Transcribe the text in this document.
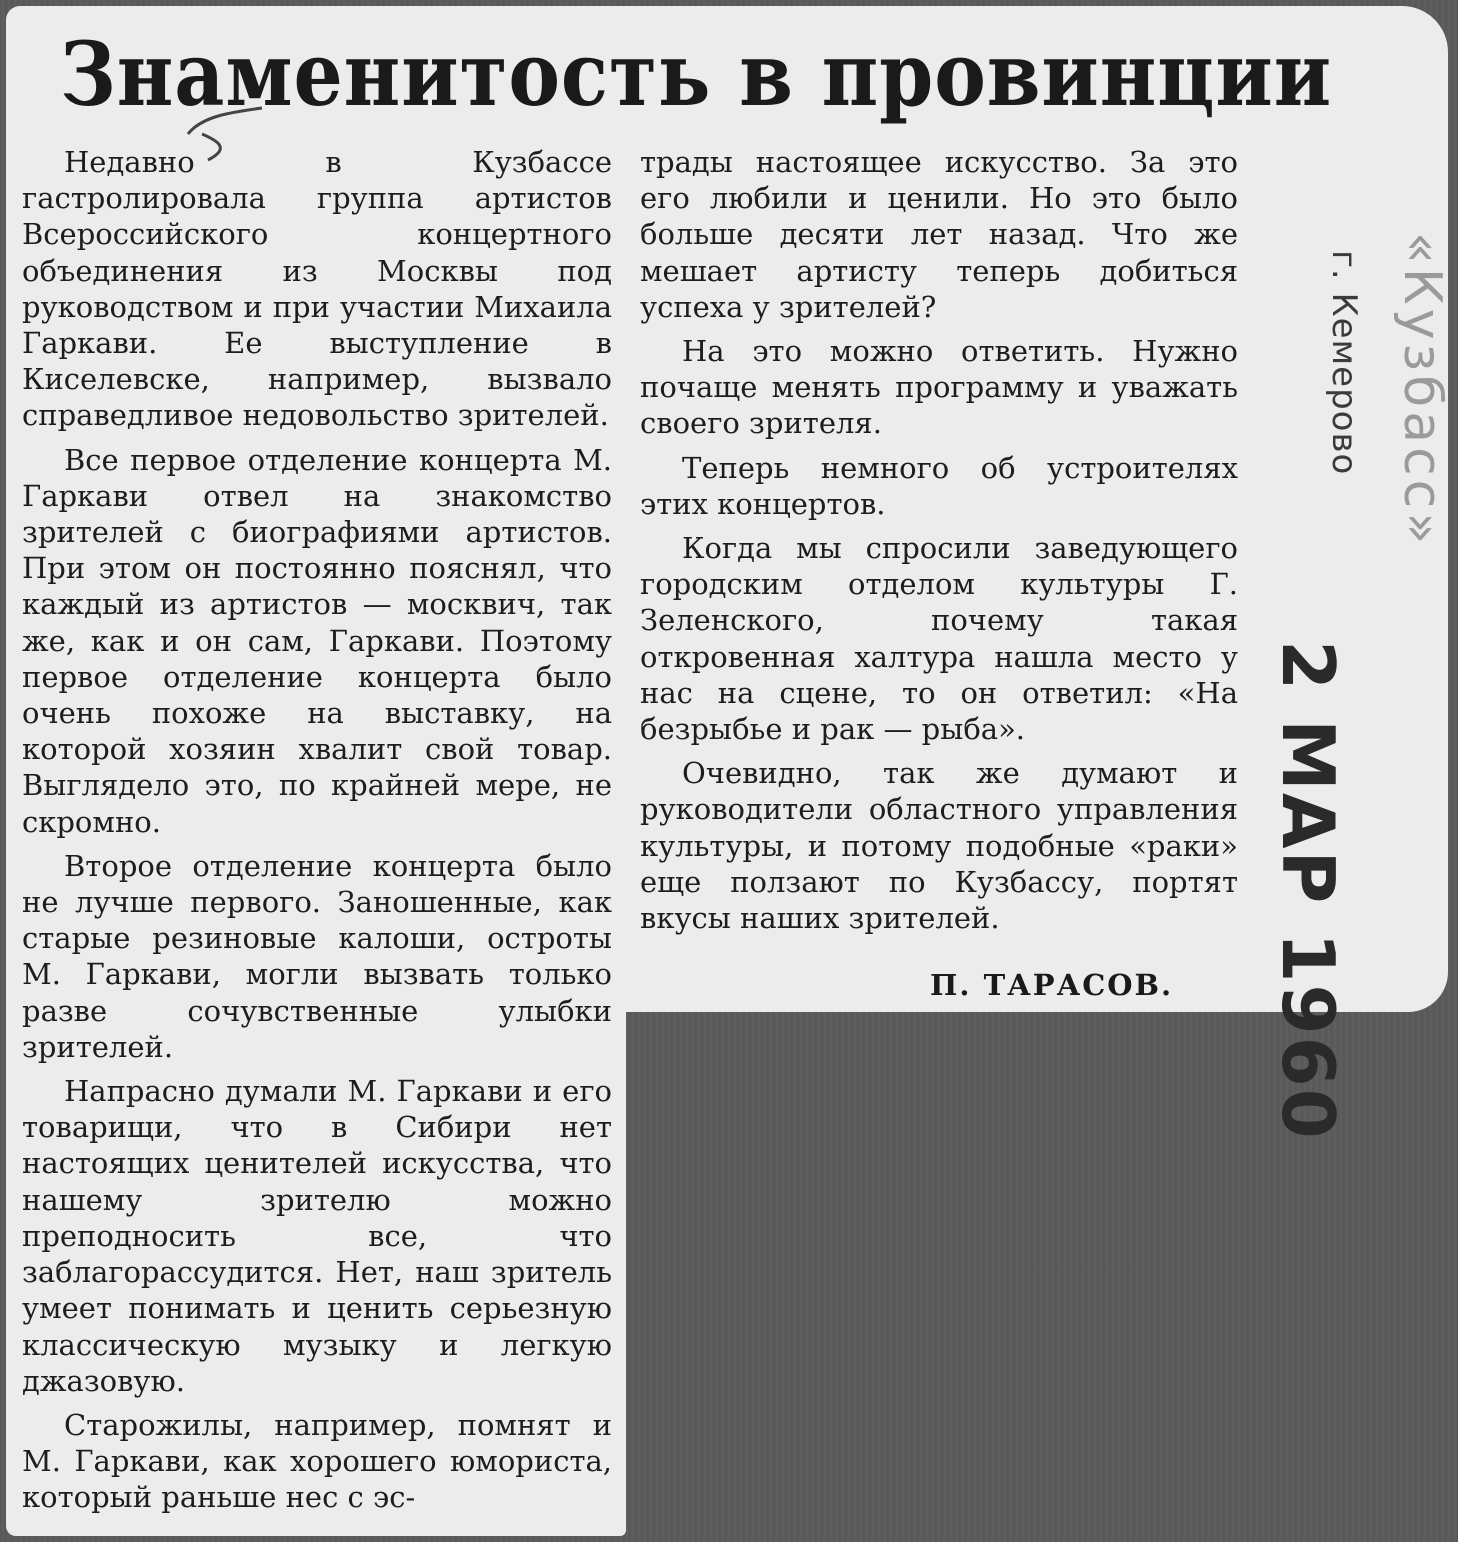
Знаменитость в провинции

Недавно в Кузбассе гастролировала группа артистов Всероссийского концертного объединения из Москвы под руководством и при участии Михаила Гаркави. Ее выступление в Киселевске, например, вызвало справедливое недовольство зрителей.

Все первое отделение концерта М. Гаркави отвел на знакомство зрителей с биографиями артистов. При этом он постоянно пояснял, что каждый из артистов — москвич, так же, как и он сам, Гаркави. Поэтому первое отделение концерта было очень похоже на выставку, на которой хозяин хвалит свой товар. Выглядело это, по крайней мере, не скромно.

Второе отделение концерта было не лучше первого. Заношенные, как старые резиновые калоши, остроты М. Гаркави, могли вызвать только разве сочувственные улыбки зрителей.

Напрасно думали М. Гаркави и его товарищи, что в Сибири нет настоящих ценителей искусства, что нашему зрителю можно преподносить все, что заблагорассудится. Нет, наш зритель умеет понимать и ценить серьезную классическую музыку и легкую джазовую.

Старожилы, например, помнят и М. Гаркави, как хорошего юмориста, который раньше нес с эс-

трады настоящее искусство. За это его любили и ценили. Но это было больше десяти лет назад. Что же мешает артисту теперь добиться успеха у зрителей?

На это можно ответить. Нужно почаще менять программу и уважать своего зрителя.

Теперь немного об устроителях этих концертов.

Когда мы спросили заведующего городским отделом культуры Г. Зеленского, почему такая откровенная халтура нашла место у нас на сцене, то он ответил: «На безрыбье и рак — рыба».

Очевидно, так же думают и руководители областного управления культуры, и потому подобные «раки» еще ползают по Кузбассу, портят вкусы наших зрителей.

П. ТАРАСОВ.
«Кузбасс»
г. Кемерово
2 МАР 1960
